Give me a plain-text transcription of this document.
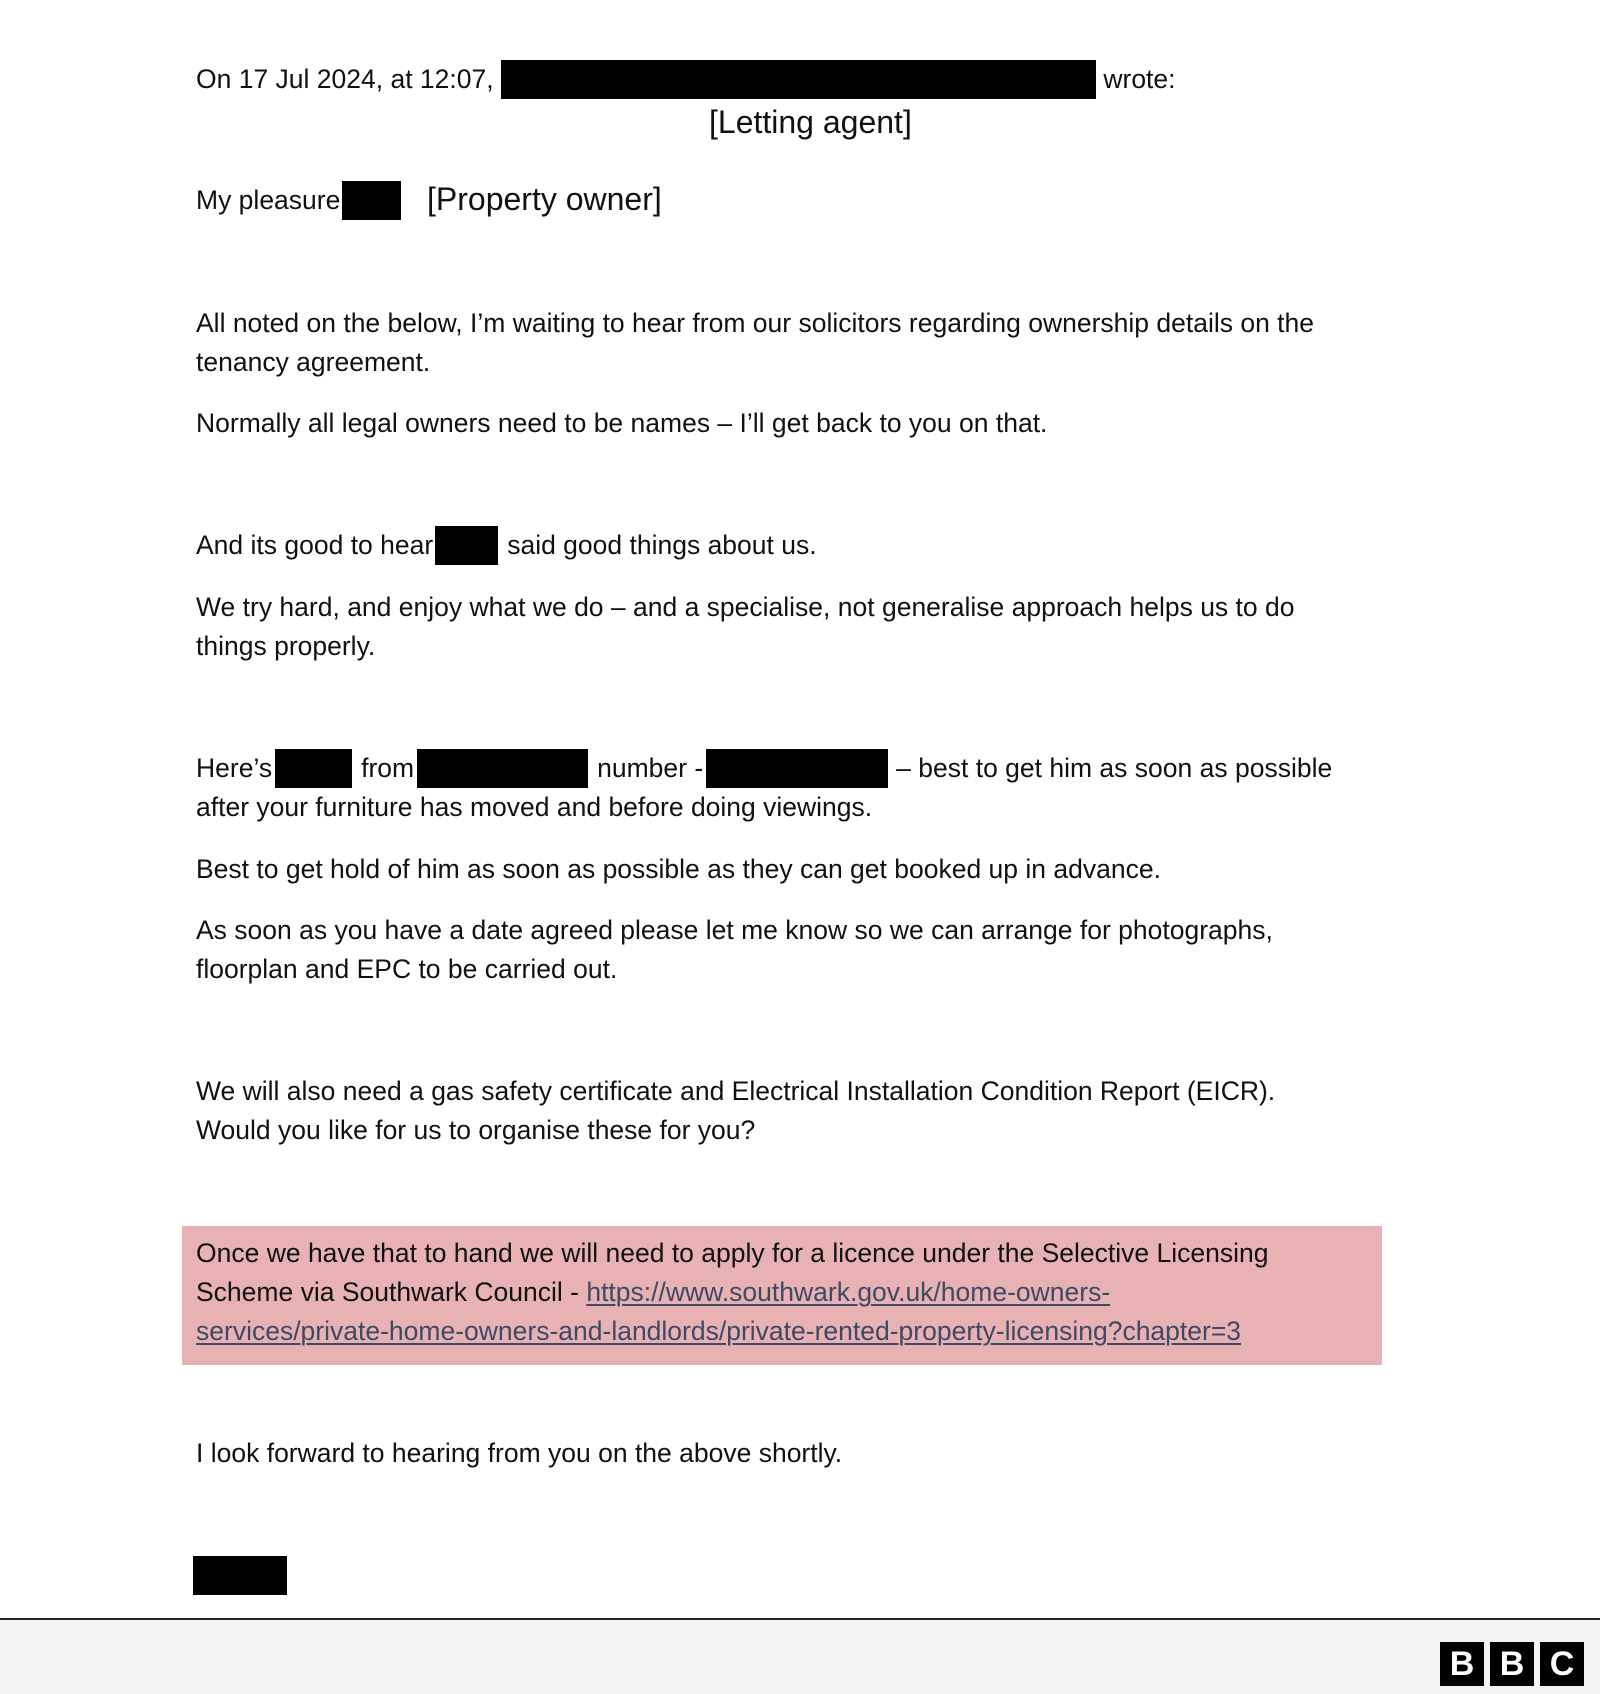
On 17 Jul 2024, at 12:07,	wrote:
[Letting agent]
My pleasure	[Property owner]
All noted on the below, I’m waiting to hear from our solicitors regarding ownership details on the
tenancy agreement.
Normally all legal owners need to be names – I’ll get back to you on that.
And its good to hear	said good things about us.
We try hard, and enjoy what we do – and a specialise, not generalise approach helps us to do
things properly.
Here’s	from	number -	– best to get him as soon as possible
after your furniture has moved and before doing viewings.
Best to get hold of him as soon as possible as they can get booked up in advance.
As soon as you have a date agreed please let me know so we can arrange for photographs,
floorplan and EPC to be carried out.
We will also need a gas safety certificate and Electrical Installation Condition Report (EICR).
Would you like for us to organise these for you?
Once we have that to hand we will need to apply for a licence under the Selective Licensing
Scheme via Southwark Council - https://www.southwark.gov.uk/home-owners-
services/private-home-owners-and-landlords/private-rented-property-licensing?chapter=3
I look forward to hearing from you on the above shortly.
B B C
